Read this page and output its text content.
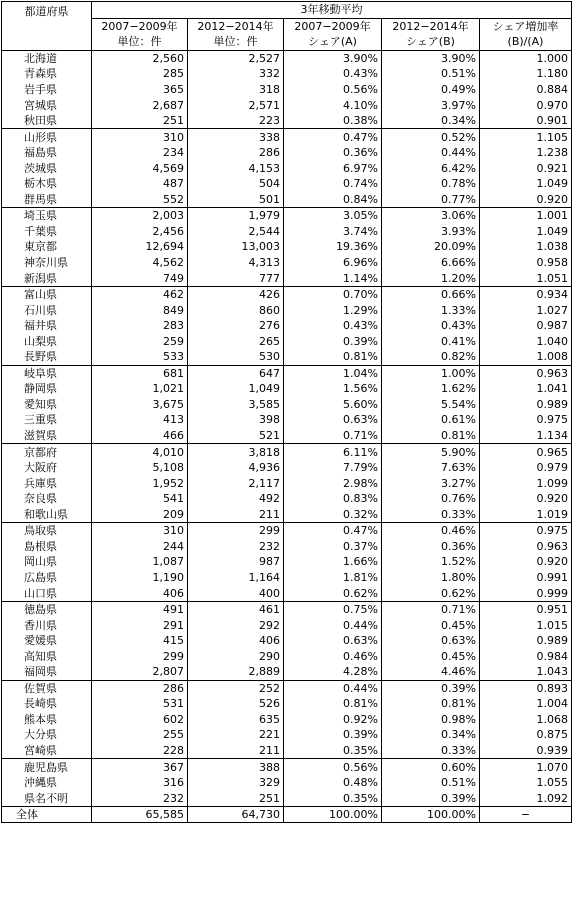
都道府県	3年移動平均				
	2007−2009年	2012−2014年	2007−2009年	2012−2014年	シェア増加率
	単位：件	単位：件	シェア(A)	シェア(B)	(B)/(A)
北海道	2,560	2,527	3.90%	3.90%	1.000
青森県	285	332	0.43%	0.51%	1.180
岩手県	365	318	0.56%	0.49%	0.884
宮城県	2,687	2,571	4.10%	3.97%	0.970
秋田県	251	223	0.38%	0.34%	0.901
山形県	310	338	0.47%	0.52%	1.105
福島県	234	286	0.36%	0.44%	1.238
茨城県	4,569	4,153	6.97%	6.42%	0.921
栃木県	487	504	0.74%	0.78%	1.049
群馬県	552	501	0.84%	0.77%	0.920
埼玉県	2,003	1,979	3.05%	3.06%	1.001
千葉県	2,456	2,544	3.74%	3.93%	1.049
東京都	12,694	13,003	19.36%	20.09%	1.038
神奈川県	4,562	4,313	6.96%	6.66%	0.958
新潟県	749	777	1.14%	1.20%	1.051
富山県	462	426	0.70%	0.66%	0.934
石川県	849	860	1.29%	1.33%	1.027
福井県	283	276	0.43%	0.43%	0.987
山梨県	259	265	0.39%	0.41%	1.040
長野県	533	530	0.81%	0.82%	1.008
岐阜県	681	647	1.04%	1.00%	0.963
静岡県	1,021	1,049	1.56%	1.62%	1.041
愛知県	3,675	3,585	5.60%	5.54%	0.989
三重県	413	398	0.63%	0.61%	0.975
滋賀県	466	521	0.71%	0.81%	1.134
京都府	4,010	3,818	6.11%	5.90%	0.965
大阪府	5,108	4,936	7.79%	7.63%	0.979
兵庫県	1,952	2,117	2.98%	3.27%	1.099
奈良県	541	492	0.83%	0.76%	0.920
和歌山県	209	211	0.32%	0.33%	1.019
鳥取県	310	299	0.47%	0.46%	0.975
島根県	244	232	0.37%	0.36%	0.963
岡山県	1,087	987	1.66%	1.52%	0.920
広島県	1,190	1,164	1.81%	1.80%	0.991
山口県	406	400	0.62%	0.62%	0.999
徳島県	491	461	0.75%	0.71%	0.951
香川県	291	292	0.44%	0.45%	1.015
愛媛県	415	406	0.63%	0.63%	0.989
高知県	299	290	0.46%	0.45%	0.984
福岡県	2,807	2,889	4.28%	4.46%	1.043
佐賀県	286	252	0.44%	0.39%	0.893
長崎県	531	526	0.81%	0.81%	1.004
熊本県	602	635	0.92%	0.98%	1.068
大分県	255	221	0.39%	0.34%	0.875
宮崎県	228	211	0.35%	0.33%	0.939
鹿児島県	367	388	0.56%	0.60%	1.070
沖縄県	316	329	0.48%	0.51%	1.055
県名不明	232	251	0.35%	0.39%	1.092
全体	65,585	64,730	100.00%	100.00%	−
